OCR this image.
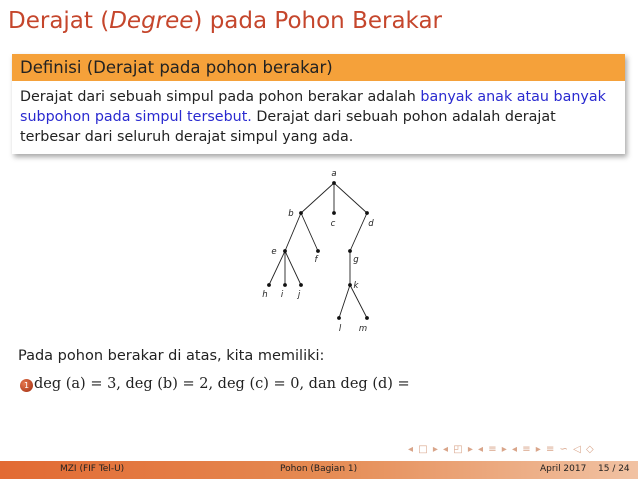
Derajat (Degree) pada Pohon Berakar
Definisi (Derajat pada pohon berakar)
Derajat dari sebuah simpul pada pohon berakar adalah banyak anak atau banyak
subpohon pada simpul tersebut. Derajat dari sebuah pohon adalah derajat
terbesar dari seluruh derajat simpul yang ada.
a
b
c	d
e
f	g
h i j
k
l m
Pada pohon berakar di atas, kita memiliki:
1 deg (a) = 3, deg (b) = 2, deg (c) = 0, dan deg (d) =
◂ □ ▸ ◂ ◰ ▸ ◂ ≡ ▸ ◂ ≡ ▸ ≡ ∽ ◁ ◇
MZI (FIF Tel-U)	Pohon (Bagian 1)	April 2017 15 / 24
